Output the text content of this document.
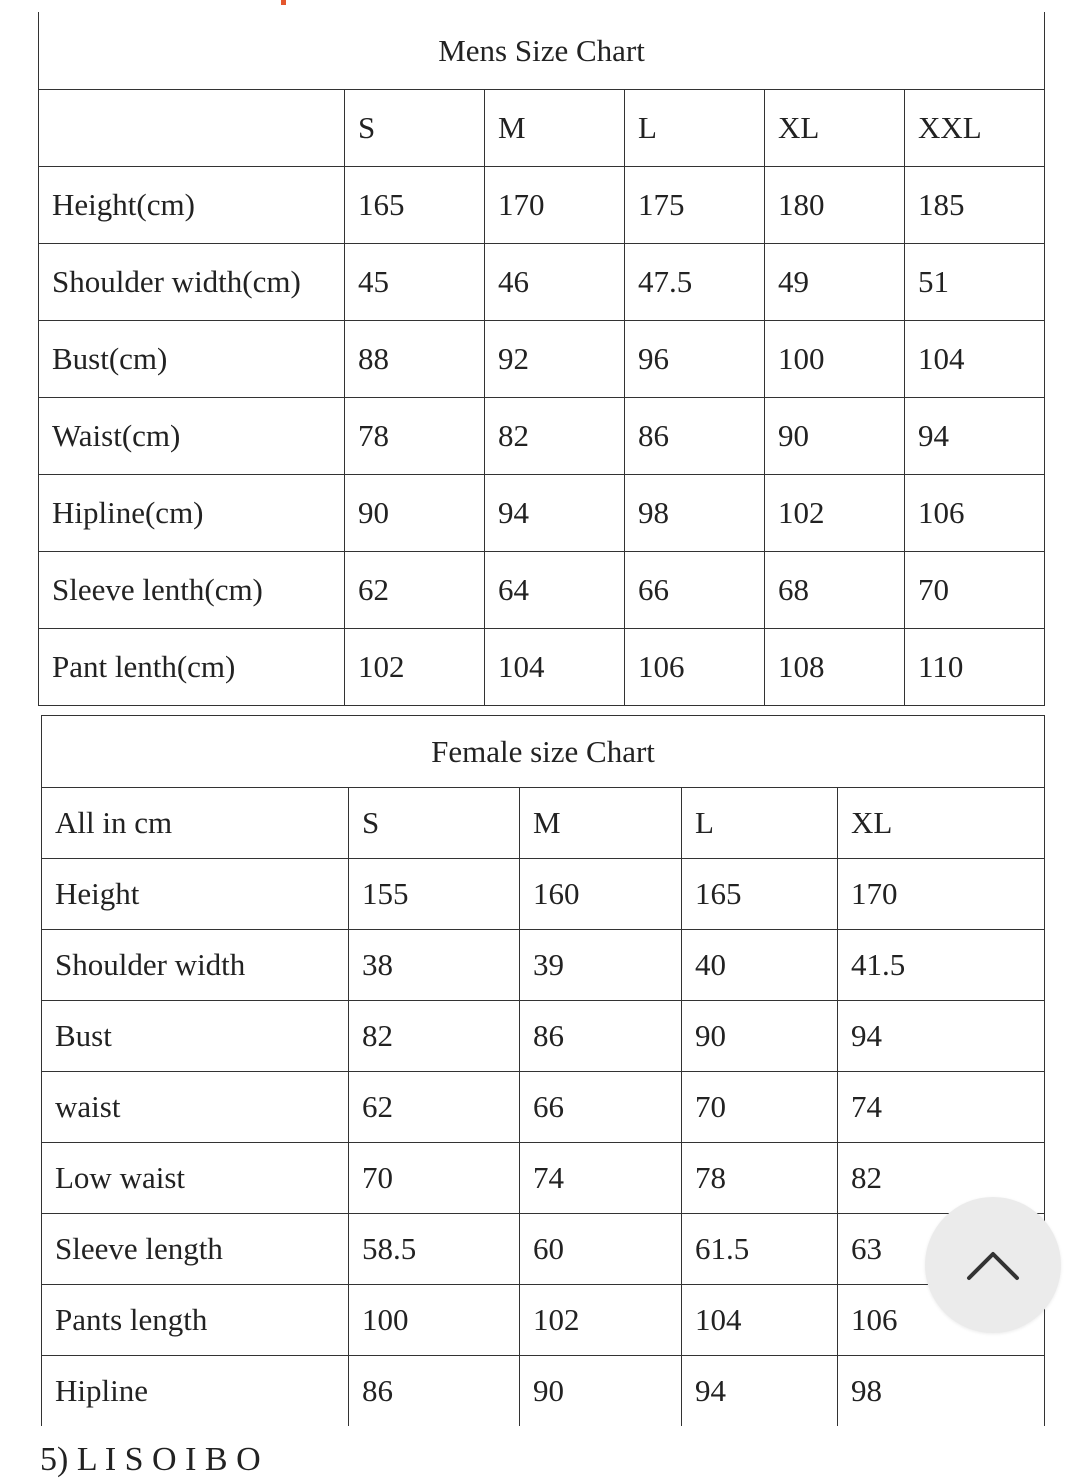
Mens Size Chart					
	S	M	L	XL	XXL
Height(cm)	165	170	175	180	185
Shoulder width(cm)	45	46	47.5	49	51
Bust(cm)	88	92	96	100	104
Waist(cm)	78	82	86	90	94
Hipline(cm)	90	94	98	102	106
Sleeve lenth(cm)	62	64	66	68	70
Pant lenth(cm)	102	104	106	108	110
Female size Chart				
All in cm	S	M	L	XL
Height	155	160	165	170
Shoulder width	38	39	40	41.5
Bust	82	86	90	94
waist	62	66	70	74
Low waist	70	74	78	82
Sleeve length	58.5	60	61.5	63
Pants length	100	102	104	106
Hipline	86	90	94	98
5) L I S O I B O
